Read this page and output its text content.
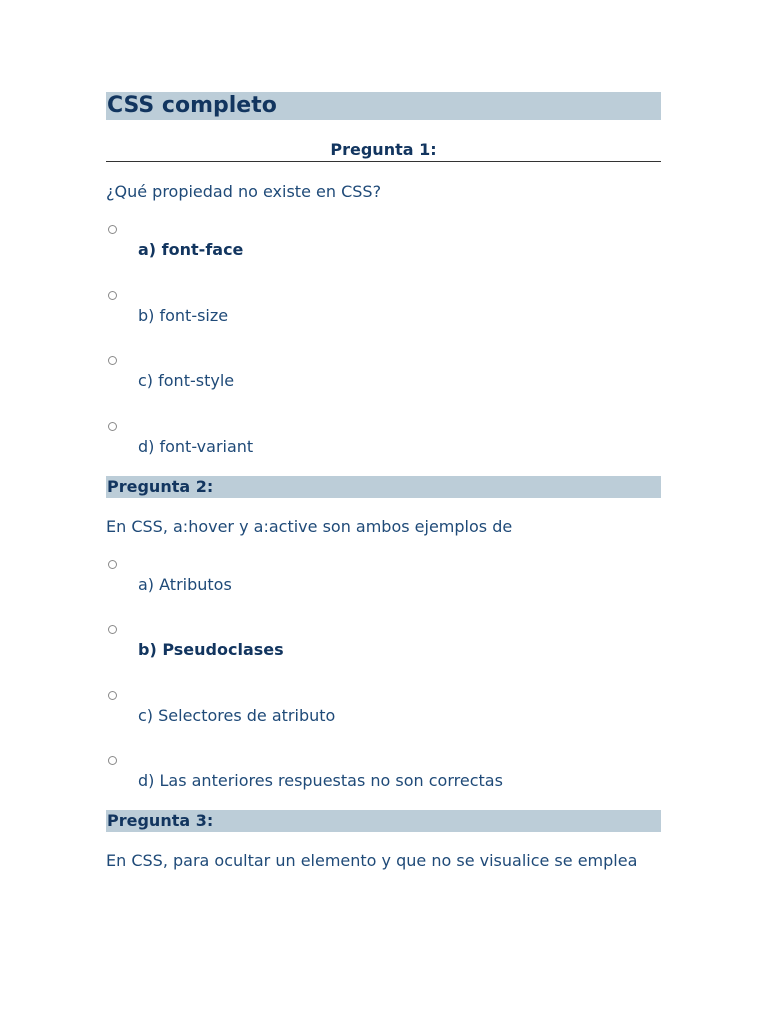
CSS completo
Pregunta 1:
¿Qué propiedad no existe en CSS?
a) font-face
b) font-size
c) font-style
d) font-variant
Pregunta 2:
En CSS, a:hover y a:active son ambos ejemplos de
a) Atributos
b) Pseudoclases
c) Selectores de atributo
d) Las anteriores respuestas no son correctas
Pregunta 3:
En CSS, para ocultar un elemento y que no se visualice se emplea
